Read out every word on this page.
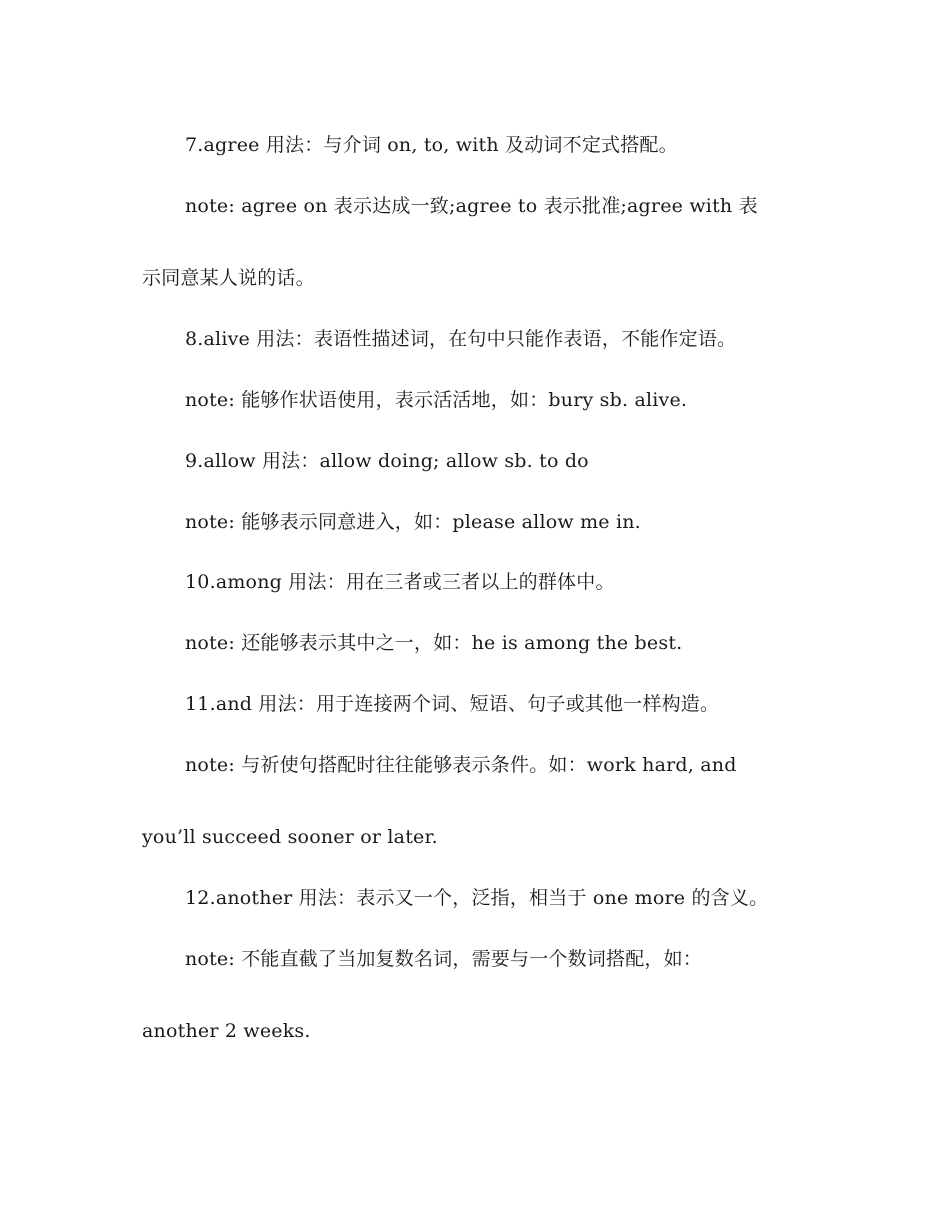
7.agree 用法：与介词 on, to, with 及动词不定式搭配。
note: agree on 表示达成一致;agree to 表示批准;agree with 表
示同意某人说的话。
8.alive 用法：表语性描述词，在句中只能作表语，不能作定语。
note: 能够作状语使用，表示活活地，如：bury sb. alive.
9.allow 用法：allow doing; allow sb. to do
note: 能够表示同意进入，如：please allow me in.
10.among 用法：用在三者或三者以上的群体中。
note: 还能够表示其中之一，如：he is among the best.
11.and 用法：用于连接两个词、短语、句子或其他一样构造。
note: 与祈使句搭配时往往能够表示条件。如：work hard, and
you’ll succeed sooner or later.
12.another 用法：表示又一个，泛指，相当于 one more 的含义。
note: 不能直截了当加复数名词，需要与一个数词搭配，如：
another 2 weeks.
